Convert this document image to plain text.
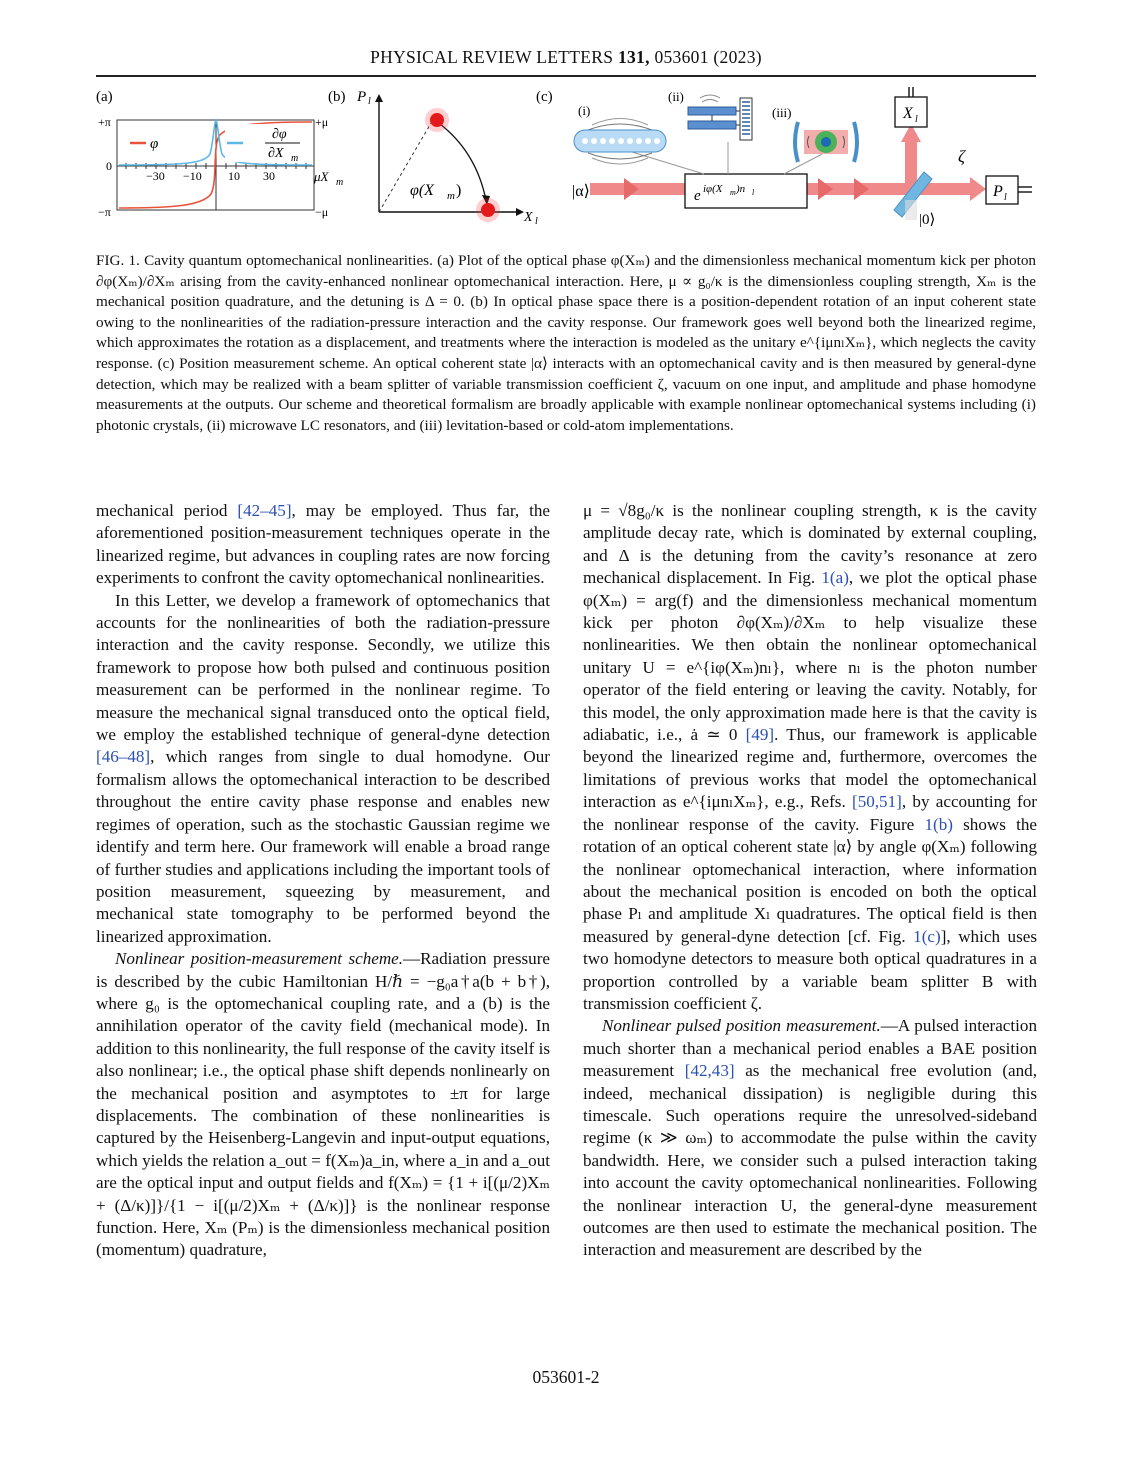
PHYSICAL REVIEW LETTERS 131, 053601 (2023)
(a)
+π
0
−π
−30 −10 10 30
φ
∂φ
∂X m
+μ
−μ
μX m
(b) P l
X l
φ(X m )
(c)
|α⟩	e iφ(X m )n l
(i)
(ii)
(iii)
ζ
|0⟩
X l
P l
FIG. 1. Cavity quantum optomechanical nonlinearities. (a) Plot of the optical phase φ(Xₘ) and the dimensionless mechanical momentum kick per photon ∂φ(Xₘ)/∂Xₘ arising from the cavity-enhanced nonlinear optomechanical interaction. Here, μ ∝ g₀/κ is the dimensionless coupling strength, Xₘ is the mechanical position quadrature, and the detuning is Δ = 0. (b) In optical phase space there is a position-dependent rotation of an input coherent state owing to the nonlinearities of the radiation-pressure interaction and the cavity response. Our framework goes well beyond both the linearized regime, which approximates the rotation as a displacement, and treatments where the interaction is modeled as the unitary e^{iμnₗXₘ}, which neglects the cavity response. (c) Position measurement scheme. An optical coherent state |α⟩ interacts with an optomechanical cavity and is then measured by general-dyne detection, which may be realized with a beam splitter of variable transmission coefficient ζ, vacuum on one input, and amplitude and phase homodyne measurements at the outputs. Our scheme and theoretical formalism are broadly applicable with example nonlinear optomechanical systems including (i) photonic crystals, (ii) microwave LC resonators, and (iii) levitation-based or cold-atom implementations.

mechanical period [42–45], may be employed. Thus far, the aforementioned position-measurement techniques operate in the linearized regime, but advances in coupling rates are now forcing experiments to confront the cavity optomechanical nonlinearities.

In this Letter, we develop a framework of optomechanics that accounts for the nonlinearities of both the radiation-pressure interaction and the cavity response. Secondly, we utilize this framework to propose how both pulsed and continuous position measurement can be performed in the nonlinear regime. To measure the mechanical signal transduced onto the optical field, we employ the established technique of general-dyne detection [46–48], which ranges from single to dual homodyne. Our formalism allows the optomechanical interaction to be described throughout the entire cavity phase response and enables new regimes of operation, such as the stochastic Gaussian regime we identify and term here. Our framework will enable a broad range of further studies and applications including the important tools of position measurement, squeezing by measurement, and mechanical state tomography to be performed beyond the linearized approximation.

Nonlinear position-measurement scheme.—Radiation pressure is described by the cubic Hamiltonian H/ℏ = −g₀a†a(b + b†), where g₀ is the optomechanical coupling rate, and a (b) is the annihilation operator of the cavity field (mechanical mode). In addition to this nonlinearity, the full response of the cavity itself is also nonlinear; i.e., the optical phase shift depends nonlinearly on the mechanical position and asymptotes to ±π for large displacements. The combination of these nonlinearities is captured by the Heisenberg-Langevin and input-output equations, which yields the relation a_out = f(Xₘ)a_in, where a_in and a_out are the optical input and output fields and f(Xₘ) = {1 + i[(μ/2)Xₘ + (Δ/κ)]}/{1 − i[(μ/2)Xₘ + (Δ/κ)]} is the nonlinear response function. Here, Xₘ (Pₘ) is the dimensionless mechanical position (momentum) quadrature,

μ = √8g₀/κ is the nonlinear coupling strength, κ is the cavity amplitude decay rate, which is dominated by external coupling, and Δ is the detuning from the cavity’s resonance at zero mechanical displacement. In Fig. 1(a), we plot the optical phase φ(Xₘ) = arg(f) and the dimensionless mechanical momentum kick per photon ∂φ(Xₘ)/∂Xₘ to help visualize these nonlinearities. We then obtain the nonlinear optomechanical unitary U = e^{iφ(Xₘ)nₗ}, where nₗ is the photon number operator of the field entering or leaving the cavity. Notably, for this model, the only approximation made here is that the cavity is adiabatic, i.e., ȧ ≃ 0 [49]. Thus, our framework is applicable beyond the linearized regime and, furthermore, overcomes the limitations of previous works that model the optomechanical interaction as e^{iμnₗXₘ}, e.g., Refs. [50,51], by accounting for the nonlinear response of the cavity. Figure 1(b) shows the rotation of an optical coherent state |α⟩ by angle φ(Xₘ) following the nonlinear optomechanical interaction, where information about the mechanical position is encoded on both the optical phase Pₗ and amplitude Xₗ quadratures. The optical field is then measured by general-dyne detection [cf. Fig. 1(c)], which uses two homodyne detectors to measure both optical quadratures in a proportion controlled by a variable beam splitter B with transmission coefficient ζ.

Nonlinear pulsed position measurement.—A pulsed interaction much shorter than a mechanical period enables a BAE position measurement [42,43] as the mechanical free evolution (and, indeed, mechanical dissipation) is negligible during this timescale. Such operations require the unresolved-sideband regime (κ ≫ ωₘ) to accommodate the pulse within the cavity bandwidth. Here, we consider such a pulsed interaction taking into account the cavity optomechanical nonlinearities. Following the nonlinear interaction U, the general-dyne measurement outcomes are then used to estimate the mechanical position. The interaction and measurement are described by the

053601-2
